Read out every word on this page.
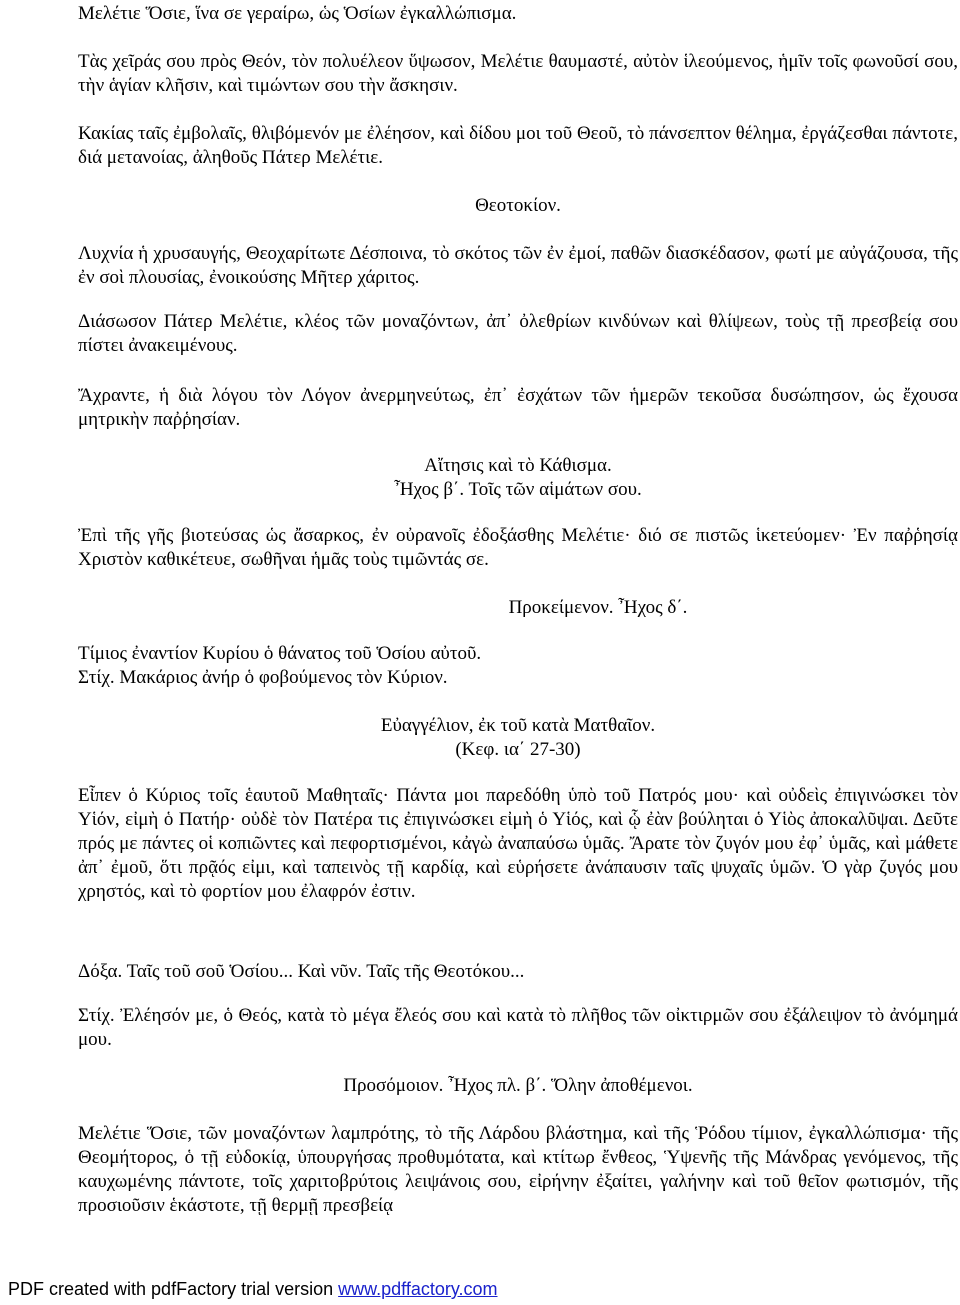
Μελέτιε Ὅσιε, ἵνα σε γεραίρω, ὡς Ὁσίων ἐγκαλλώπισμα.

Τὰς χεῖράς σου πρὸς Θεόν, τὸν πολυέλεον ὕψωσον, Μελέτιε θαυμαστέ, αὐτὸν ἱλεούμενος, ἡμῖν τοῖς φωνοῦσί σου, τὴν ἁγίαν κλῆσιν, καὶ τιμώντων σου τὴν ἄσκησιν.

Κακίας ταῖς ἐμβολαῖς, θλιβόμενόν με ἐλέησον, καὶ δίδου μοι τοῦ Θεοῦ, τὸ πάνσεπτον θέλημα, ἐργάζεσθαι πάντοτε, διά μετανοίας, ἀληθοῦς Πάτερ Μελέτιε.

Θεοτοκίον.

Λυχνία ἡ χρυσαυγής, Θεοχαρίτωτε Δέσποινα, τὸ σκότος τῶν ἐν ἐμοί, παθῶν διασκέδασον, φωτί με αὐγάζουσα, τῆς ἐν σοὶ πλουσίας, ἐνοικούσης Μῆτερ χάριτος.

Διάσωσον Πάτερ Μελέτιε, κλέος τῶν μοναζόντων, ἀπ᾽ ὀλεθρίων κινδύνων καὶ θλίψεων, τοὺς τῇ πρεσβείᾳ σου πίστει ἀνακειμένους.

Ἄχραντε, ἡ διὰ λόγου τὸν Λόγον ἀνερμηνεύτως, ἐπ᾽ ἐσχάτων τῶν ἡμερῶν τεκοῦσα δυσώπησον, ὡς ἔχουσα μητρικὴν παῤῥησίαν.

Αἴτησις καὶ τὸ Κάθισμα.

Ἦχος β΄. Τοῖς τῶν αἱμάτων σου.

Ἐπὶ τῆς γῆς βιοτεύσας ὡς ἄσαρκος, ἐν οὐρανοῖς ἐδοξάσθης Μελέτιε· διό σε πιστῶς ἱκετεύομεν· Ἐν παῤῥησίᾳ Χριστὸν καθικέτευε, σωθῆναι ἡμᾶς τοὺς τιμῶντάς σε.

Προκείμενον. Ἦχος δ΄.

Τίμιος ἐναντίον Κυρίου ὁ θάνατος τοῦ Ὁσίου αὐτοῦ.

Στίχ. Μακάριος ἀνήρ ὁ φοβούμενος τὸν Κύριον.

Εὐαγγέλιον, ἐκ τοῦ κατὰ Ματθαῖον.

(Κεφ. ια΄ 27-30)

Εἶπεν ὁ Κύριος τοῖς ἑαυτοῦ Μαθηταῖς· Πάντα μοι παρεδόθη ὑπὸ τοῦ Πατρός μου· καὶ οὐδεὶς ἐπιγινώσκει τὸν Υἱόν, εἰμὴ ὁ Πατήρ· οὐδὲ τὸν Πατέρα τις ἐπιγινώσκει εἰμὴ ὁ Υἱός, καὶ ᾧ ἐὰν βούληται ὁ Υἱὸς ἀποκαλῦψαι. Δεῦτε πρός με πάντες οἱ κοπιῶντες καὶ πεφορτισμένοι, κἀγὼ ἀναπαύσω ὑμᾶς. Ἄρατε τὸν ζυγόν μου ἐφ᾽ ὑμᾶς, καὶ μάθετε ἀπ᾽ ἐμοῦ, ὅτι πρᾷός εἰμι, καὶ ταπεινὸς τῇ καρδίᾳ, καὶ εὑρήσετε ἀνάπαυσιν ταῖς ψυχαῖς ὑμῶν. Ὁ γὰρ ζυγός μου χρηστός, καὶ τὸ φορτίον μου ἐλαφρόν ἐστιν.

Δόξα. Ταῖς τοῦ σοῦ Ὁσίου... Καὶ νῦν. Ταῖς τῆς Θεοτόκου...

Στίχ. Ἐλέησόν με, ὁ Θεός, κατὰ τὸ μέγα ἔλεός σου καὶ κατὰ τὸ πλῆθος τῶν οἰκτιρμῶν σου ἐξάλειψον τὸ ἀνόμημά μου.

Προσόμοιον. Ἦχος πλ. β΄. Ὅλην ἀποθέμενοι.

Μελέτιε Ὅσιε, τῶν μοναζόντων λαμπρότης, τὸ τῆς Λάρδου βλάστημα, καὶ τῆς Ῥόδου τίμιον, ἐγκαλλώπισμα· τῆς Θεομήτορος, ὁ τῇ εὐδοκίᾳ, ὑπουργήσας προθυμότατα, καὶ κτίτωρ ἔνθεος, Ὑψενῆς τῆς Μάνδρας γενόμενος, τῆς καυχωμένης πάντοτε, τοῖς χαριτοβρύτοις λειψάνοις σου, εἰρήνην ἐξαίτει, γαλήνην καὶ τοῦ θεῖον φωτισμόν, τῆς προσιοῦσιν ἑκάστοτε, τῇ θερμῇ πρεσβείᾳ

PDF created with pdfFactory trial version www.pdffactory.com
